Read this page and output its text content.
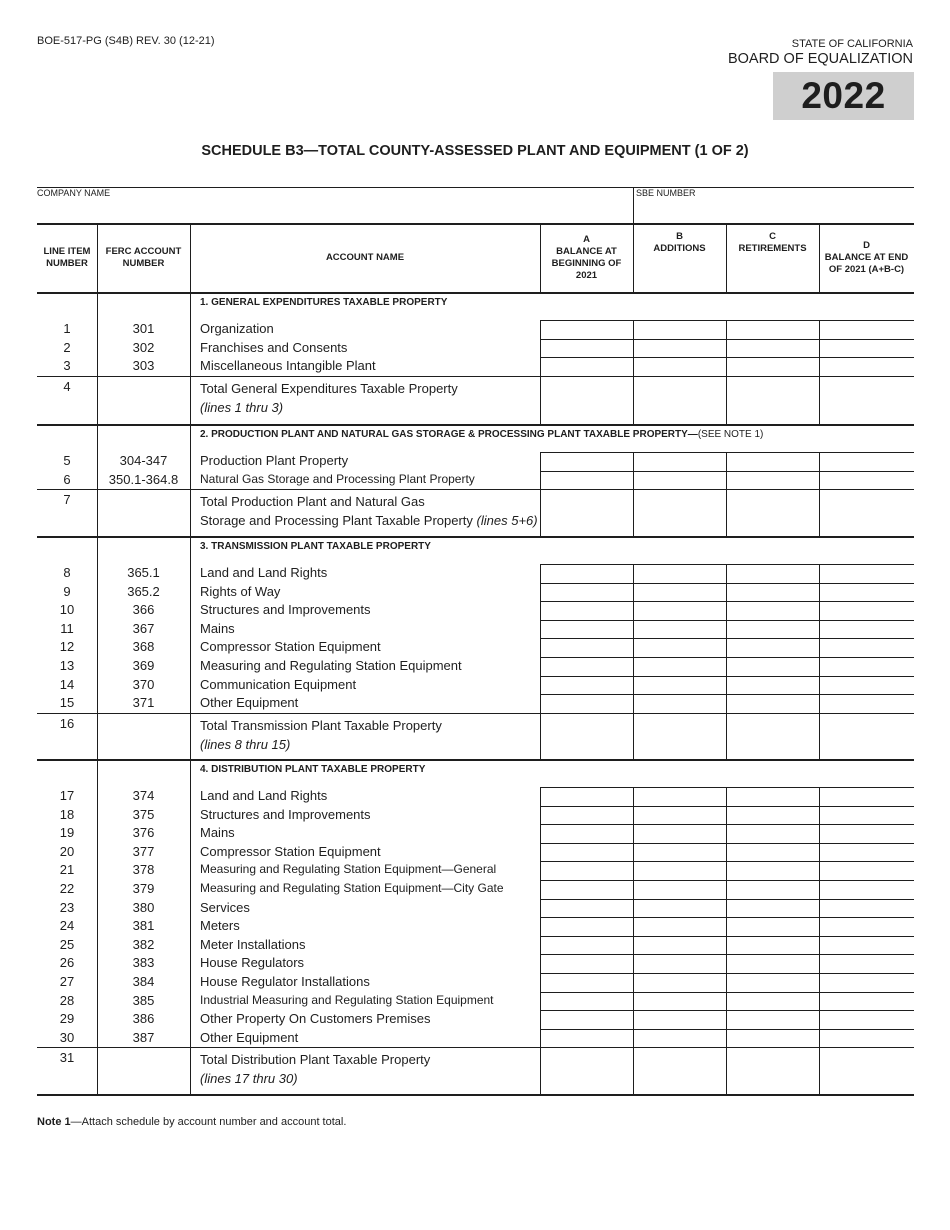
BOE-517-PG (S4B) REV. 30 (12-21)	STATE OF CALIFORNIA
BOARD OF EQUALIZATION
2022
SCHEDULE B3—TOTAL COUNTY-ASSESSED PLANT AND EQUIPMENT (1 OF 2)
COMPANY NAME	SBE NUMBER
LINE ITEM NUMBER
FERC ACCOUNT NUMBER
ACCOUNT NAME
A
BALANCE AT BEGINNING OF 2021
B
ADDITIONS
C
RETIREMENTS	D
BALANCE AT END OF 2021 (A+B-C)
1. GENERAL EXPENDITURES TAXABLE PROPERTY
1	301	Organization
2	302	Franchises and Consents
3	303	Miscellaneous Intangible Plant
4	Total General Expenditures Taxable Property
(lines 1 thru 3)
2. PRODUCTION PLANT AND NATURAL GAS STORAGE & PROCESSING PLANT TAXABLE PROPERTY—(SEE NOTE 1)
5	304-347	Production Plant Property
6	350.1-364.8	Natural Gas Storage and Processing Plant Property
7	Total Production Plant and Natural Gas
Storage and Processing Plant Taxable Property (lines 5+6)
3. TRANSMISSION PLANT TAXABLE PROPERTY
8	365.1	Land and Land Rights
9	365.2	Rights of Way
10	366	Structures and Improvements
11	367	Mains
12	368	Compressor Station Equipment
13	369	Measuring and Regulating Station Equipment
14	370	Communication Equipment
15	371	Other Equipment
16	Total Transmission Plant Taxable Property
(lines 8 thru 15)
4. DISTRIBUTION PLANT TAXABLE PROPERTY
17	374	Land and Land Rights
18	375	Structures and Improvements
19	376	Mains
20	377	Compressor Station Equipment
21	378	Measuring and Regulating Station Equipment—General
22	379	Measuring and Regulating Station Equipment—City Gate
23	380	Services
24	381	Meters
25	382	Meter Installations
26	383	House Regulators
27	384	House Regulator Installations
28	385	Industrial Measuring and Regulating Station Equipment
29	386	Other Property On Customers Premises
30	387	Other Equipment
31	Total Distribution Plant Taxable Property
(lines 17 thru 30)
Note 1—Attach schedule by account number and account total.
